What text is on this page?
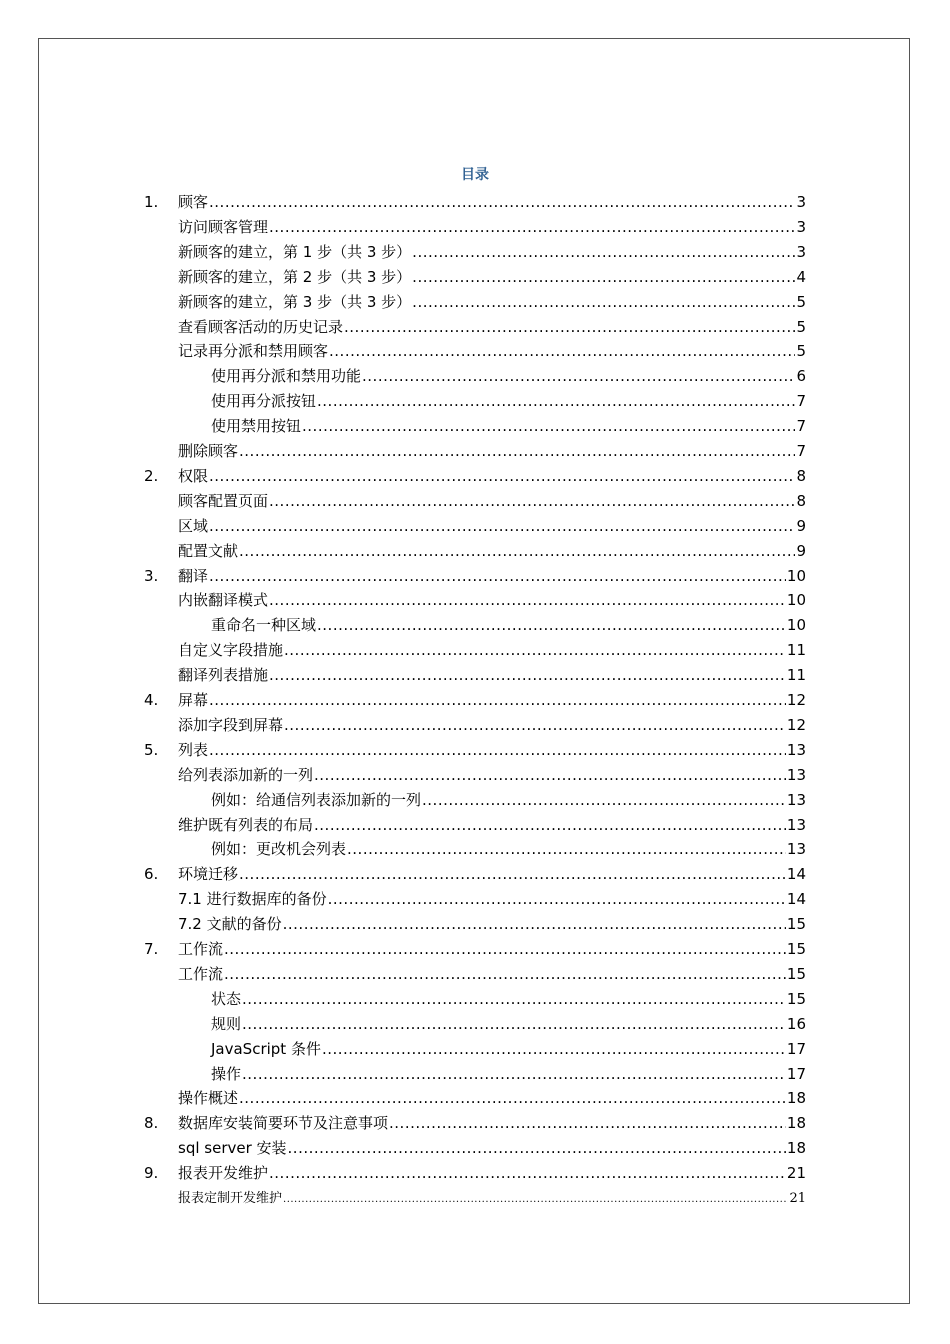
目录
1. 顾客 .....	3
访问顾客管理 .....	3
新顾客的建立，第 1 步（共 3 步） .....	3
新顾客的建立，第 2 步（共 3 步） .....	4
新顾客的建立，第 3 步（共 3 步） .....	5
查看顾客活动的历史记录 .....	5
记录再分派和禁用顾客 .....	5
使用再分派和禁用功能 .....	6
使用再分派按钮 .....	7
使用禁用按钮 .....	7
删除顾客 .....	7
2. 权限 .....	8
顾客配置页面 .....	8
区域 .....	9
配置文献 .....	9
3. 翻译 .....	10
内嵌翻译模式 .....	10
重命名一种区域 .....	10
自定义字段措施 .....	11
翻译列表措施 .....	11
4. 屏幕 .....	12
添加字段到屏幕 .....	12
5. 列表 .....	13
给列表添加新的一列 .....	13
例如：给通信列表添加新的一列 .....	13
维护既有列表的布局 .....	13
例如：更改机会列表 .....	13
6. 环境迁移 .....	14
7.1 进行数据库的备份 .....	14
7.2 文献的备份 .....	15
7. 工作流 .....	15
工作流 .....	15
状态 .....	15
规则 .....	16
JavaScript 条件 .....	17
操作 .....	17
操作概述 .....	18
8. 数据库安装简要环节及注意事项 .....	18
sql server 安装 .....	18
9. 报表开发维护 .....	21
报表定制开发维护 .....	21
